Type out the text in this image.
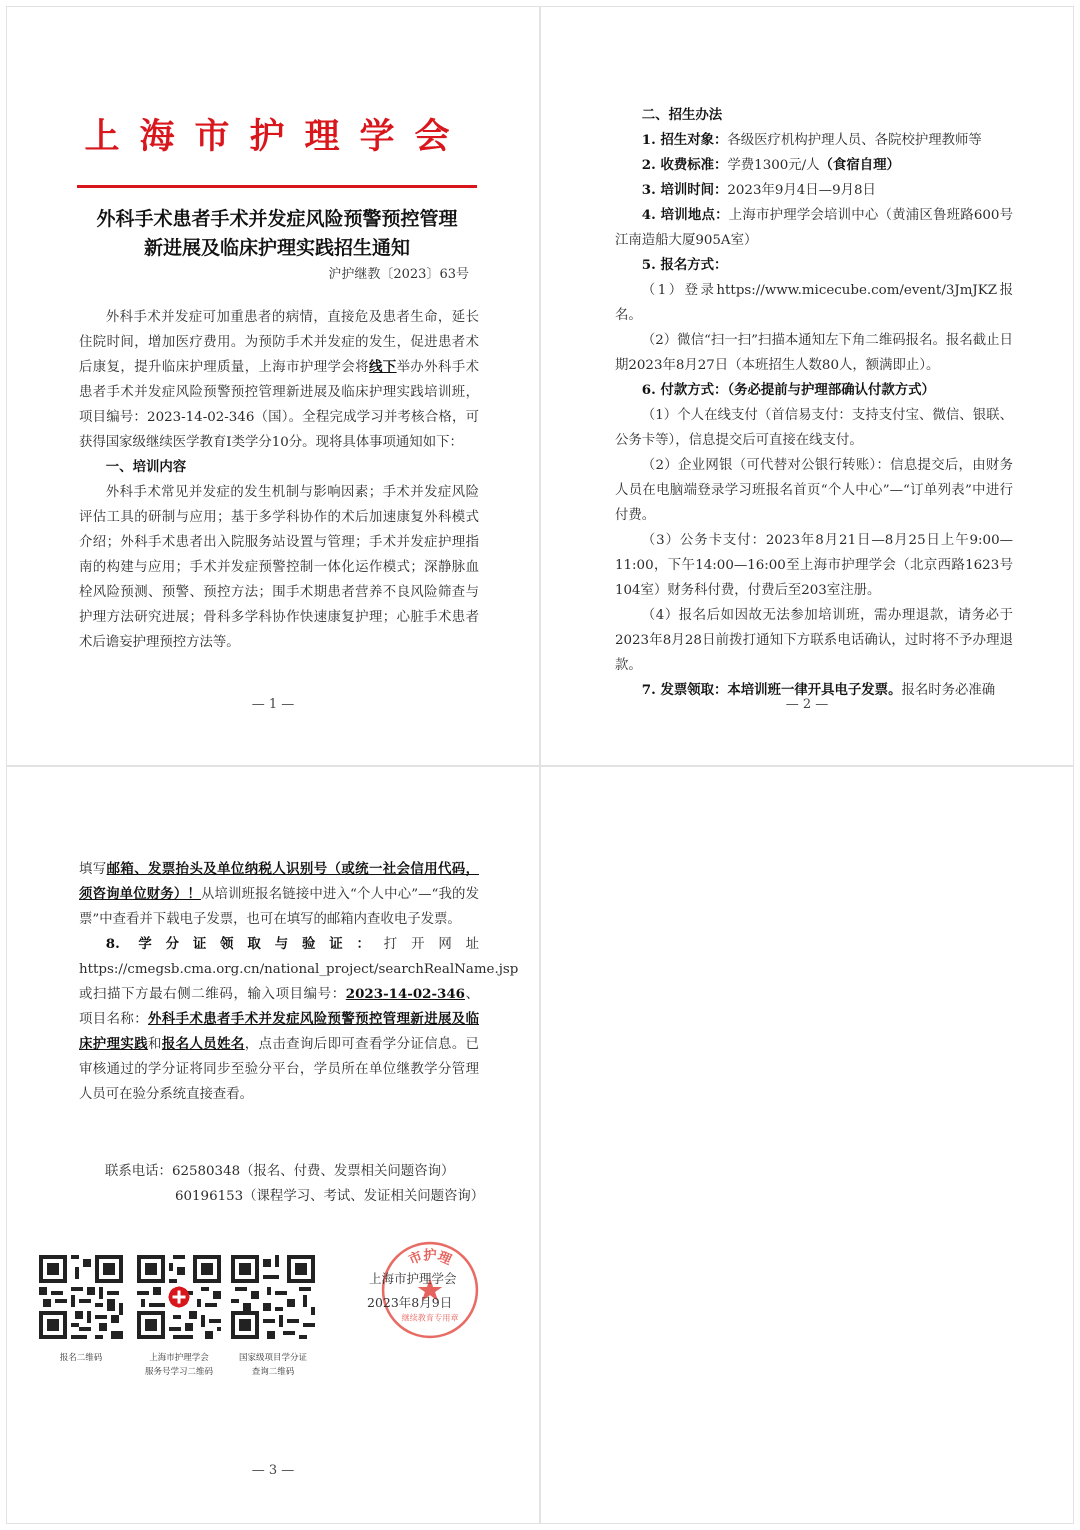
上海市护理学会
外科手术患者手术并发症风险预警预控管理
新进展及临床护理实践招生通知
沪护继教〔2023〕63号

外科手术并发症可加重患者的病情，直接危及患者生命，延长住院时间，增加医疗费用。为预防手术并发症的发生，促进患者术后康复，提升临床护理质量，上海市护理学会将线下举办外科手术患者手术并发症风险预警预控管理新进展及临床护理实践培训班，项目编号：2023-14-02-346（国）。全程完成学习并考核合格，可获得国家级继续医学教育Ⅰ类学分10分。现将具体事项通知如下：

一、培训内容

外科手术常见并发症的发生机制与影响因素；手术并发症风险评估工具的研制与应用；基于多学科协作的术后加速康复外科模式介绍；外科手术患者出入院服务站设置与管理；手术并发症护理指南的构建与应用；手术并发症预警控制一体化运作模式；深静脉血栓风险预测、预警、预控方法；围手术期患者营养不良风险筛查与护理方法研究进展；骨科多学科协作快速康复护理；心脏手术患者术后谵妄护理预控方法等。

— 1 —

二、招生办法

1. 招生对象：各级医疗机构护理人员、各院校护理教师等

2. 收费标准：学费1300元/人（食宿自理）

3. 培训时间：2023年9月4日—9月8日

4. 培训地点：上海市护理学会培训中心（黄浦区鲁班路600号江南造船大厦905A室）

5. 报名方式：

（1）登录https://www.micecube.com/event/3JmJKZ报名。

（2）微信“扫一扫”扫描本通知左下角二维码报名。报名截止日期2023年8月27日（本班招生人数80人，额满即止）。

6. 付款方式：（务必提前与护理部确认付款方式）

（1）个人在线支付（首信易支付：支持支付宝、微信、银联、公务卡等），信息提交后可直接在线支付。

（2）企业网银（可代替对公银行转账）：信息提交后，由财务人员在电脑端登录学习班报名首页“个人中心”—“订单列表”中进行付费。

（3）公务卡支付：2023年8月21日—8月25日上午9:00—11:00，下午14:00—16:00至上海市护理学会（北京西路1623号104室）财务科付费，付费后至203室注册。

（4）报名后如因故无法参加培训班，需办理退款，请务必于2023年8月28日前拨打通知下方联系电话确认，过时将不予办理退款。

7. 发票领取：本培训班一律开具电子发票。报名时务必准确

— 2 —

填写邮箱、发票抬头及单位纳税人识别号（或统一社会信用代码，须咨询单位财务）！从培训班报名链接中进入“个人中心”—“我的发票”中查看并下载电子发票，也可在填写的邮箱内查收电子发票。

8. 学分证领取与验证：打开网址https://cmegsb.cma.org.cn/national_project/searchRealName.jsp或扫描下方最右侧二维码，输入项目编号：2023-14-02-346、项目名称：外科手术患者手术并发症风险预警预控管理新进展及临床护理实践和报名人员姓名，点击查询后即可查看学分证信息。已审核通过的学分证将同步至验分平台，学员所在单位继教学分管理人员可在验分系统直接查看。

联系电话：62580348（报名、付费、发票相关问题咨询）

60196153（课程学习、考试、发证相关问题咨询）

报名二维码	上海市护理学会
服务号学习二维码
国家级项目学分证
查询二维码
市护理
继续教育专用章
上海市护理学会
2023年8月9日
— 3 —
